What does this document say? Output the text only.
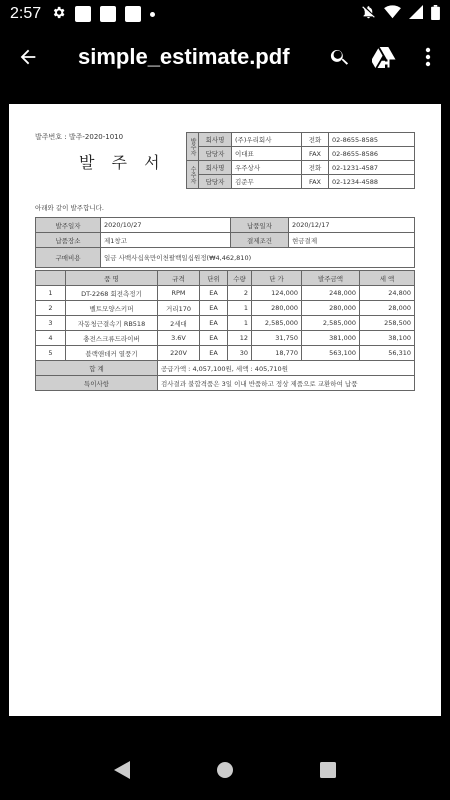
2:57
simple_estimate.pdf
발주번호 : 발주-2020-1010
발 주 서
발주자	회사명	(주)우리회사	전화	02-8655-8585
	담당자	이대표	FAX	02-8655-8586
수주자	회사명	우주상사	전화	02-1231-4587
	담당자	김준무	FAX	02-1234-4588
아래와 같이 발주합니다.
발주일자	2020/10/27	납품일자	2020/12/17
납품장소	제1창고	결제조건	현금결제
구매비용	일금 사백사십육만이천팔백일십원정(₩4,462,810)		
	품 명	규격	단위	수량	단 가	발주금액	세 액
1	DT-2268 회전측정기	RPM	EA	2	124,000	248,000	24,800
2	벨트모양스키머	거리170	EA	1	280,000	280,000	28,000
3	자동청근결속기 RB518	2세대	EA	1	2,585,000	2,585,000	258,500
4	충전스크류드라이버	3.6V	EA	12	31,750	381,000	38,100
5	블랙앤데커 열풍기	220V	EA	30	18,770	563,100	56,310
합 계		공급가액 : 4,057,100원, 세액 : 405,710원					
특이사항		검사결과 불합격품은 3일 이내 반품하고 정상 제품으로 교환하여 납품					
